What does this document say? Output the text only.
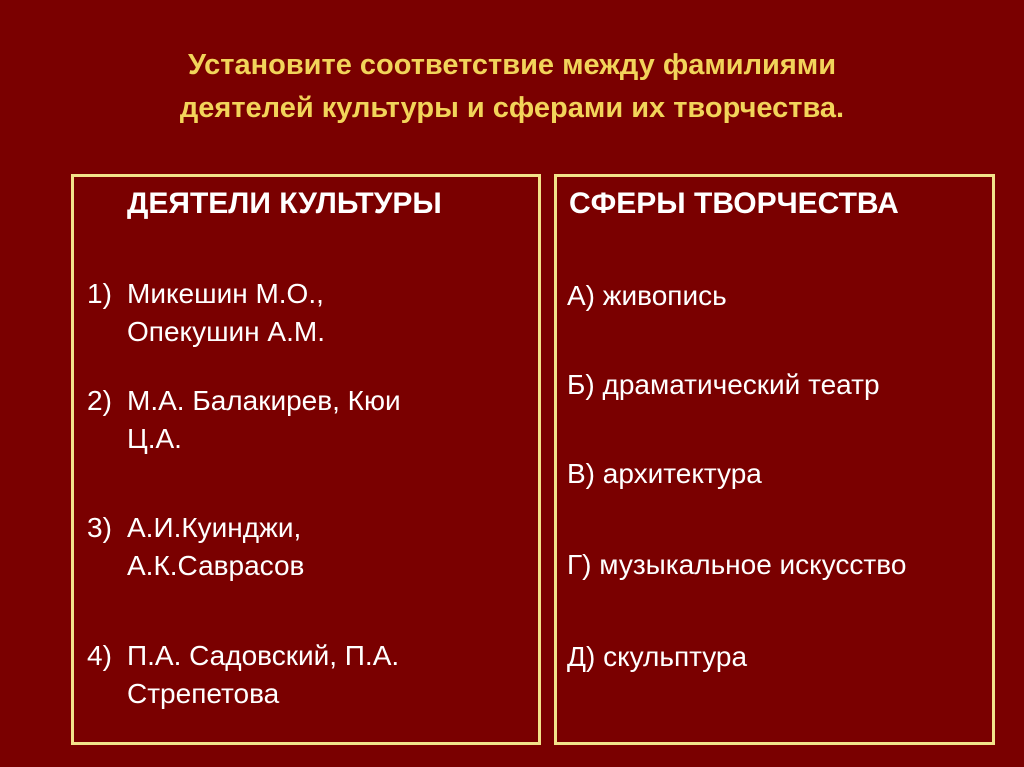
Установите соответствие между фамилиями
деятелей культуры и сферами их творчества.
ДЕЯТЕЛИ КУЛЬТУРЫ
1) Микешин М.О.,
Опекушин А.М.
2) М.А. Балакирев, Кюи
Ц.А.
3) А.И.Куинджи,
А.К.Саврасов
4) П.А. Садовский, П.А.
Стрепетова
СФЕРЫ ТВОРЧЕСТВА
А) живопись
Б) драматический театр
В) архитектура
Г) музыкальное искусство
Д) скульптура
